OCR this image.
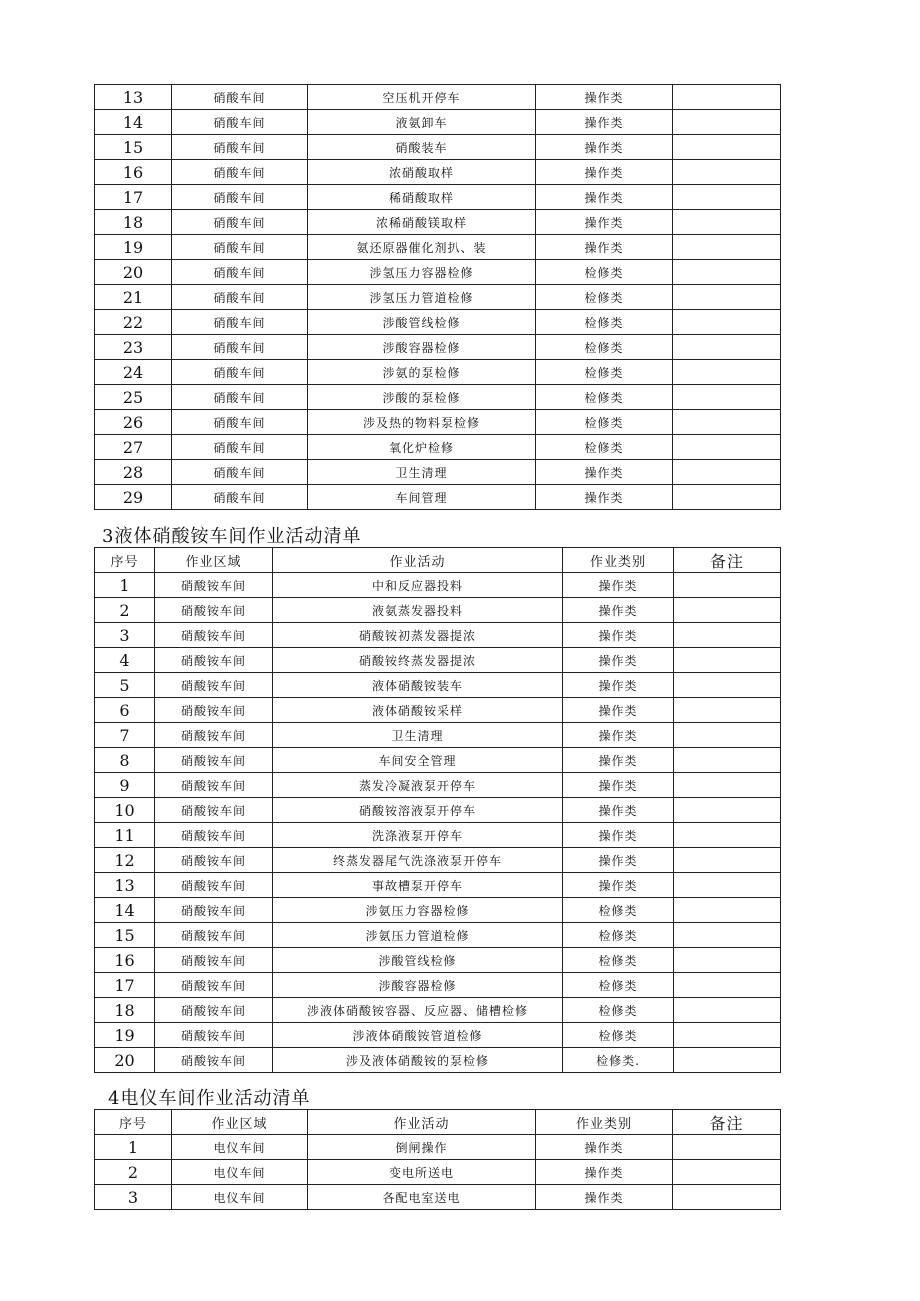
13	硝酸车间	空压机开停车	操作类	
14	硝酸车间	液氨卸车	操作类	
15	硝酸车间	硝酸装车	操作类	
16	硝酸车间	浓硝酸取样	操作类	
17	硝酸车间	稀硝酸取样	操作类	
18	硝酸车间	浓稀硝酸镁取样	操作类	
19	硝酸车间	氨还原器催化剂扒、装	操作类	
20	硝酸车间	涉氢压力容器检修	检修类	
21	硝酸车间	涉氢压力管道检修	检修类	
22	硝酸车间	涉酸管线检修	检修类	
23	硝酸车间	涉酸容器检修	检修类	
24	硝酸车间	涉氨的泵检修	检修类	
25	硝酸车间	涉酸的泵检修	检修类	
26	硝酸车间	涉及热的物料泵检修	检修类	
27	硝酸车间	氧化炉检修	检修类	
28	硝酸车间	卫生清理	操作类	
29	硝酸车间	车间管理	操作类	
3液体硝酸铵车间作业活动清单
序号	作业区域	作业活动	作业类别	备注
1	硝酸铵车间	中和反应器投料	操作类	
2	硝酸铵车间	液氨蒸发器投料	操作类	
3	硝酸铵车间	硝酸铵初蒸发器提浓	操作类	
4	硝酸铵车间	硝酸铵终蒸发器提浓	操作类	
5	硝酸铵车间	液体硝酸铵装车	操作类	
6	硝酸铵车间	液体硝酸铵采样	操作类	
7	硝酸铵车间	卫生清理	操作类	
8	硝酸铵车间	车间安全管理	操作类	
9	硝酸铵车间	蒸发冷凝液泵开停车	操作类	
10	硝酸铵车间	硝酸铵溶液泵开停车	操作类	
11	硝酸铵车间	洗涤液泵开停车	操作类	
12	硝酸铵车间	终蒸发器尾气洗涤液泵开停车	操作类	
13	硝酸铵车间	事故槽泵开停车	操作类	
14	硝酸铵车间	涉氨压力容器检修	检修类	
15	硝酸铵车间	涉氨压力管道检修	检修类	
16	硝酸铵车间	涉酸管线检修	检修类	
17	硝酸铵车间	涉酸容器检修	检修类	
18	硝酸铵车间	涉液体硝酸铵容器、反应器、储槽检修	检修类	
19	硝酸铵车间	涉液体硝酸铵管道检修	检修类	
20	硝酸铵车间	涉及液体硝酸铵的泵检修	检修类.	
4电仪车间作业活动清单
序号	作业区域	作业活动	作业类别	备注
1	电仪车间	倒闸操作	操作类	
2	电仪车间	变电所送电	操作类	
3	电仪车间	各配电室送电	操作类	
